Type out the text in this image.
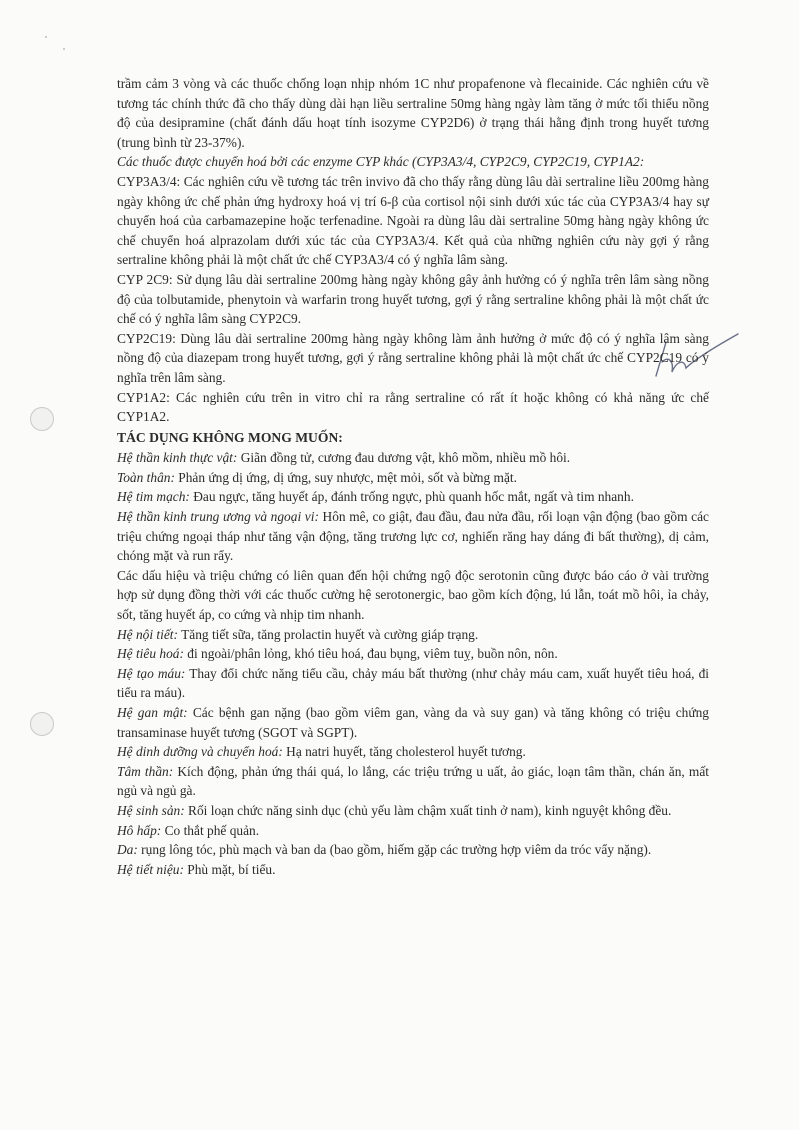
trầm cảm 3 vòng và các thuốc chống loạn nhịp nhóm 1C như propafenone và flecainide. Các nghiên cứu về tương tác chính thức đã cho thấy dùng dài hạn liều sertraline 50mg hàng ngày làm tăng ở mức tối thiểu nồng độ của desipramine (chất đánh dấu hoạt tính isozyme CYP2D6) ở trạng thái hằng định trong huyết tương (trung bình từ 23-37%).

Các thuốc được chuyển hoá bởi các enzyme CYP khác (CYP3A3/4, CYP2C9, CYP2C19, CYP1A2:

CYP3A3/4: Các nghiên cứu về tương tác trên invivo đã cho thấy rằng dùng lâu dài sertraline liều 200mg hàng ngày không ức chế phản ứng hydroxy hoá vị trí 6-β của cortisol nội sinh dưới xúc tác của CYP3A3/4 hay sự chuyển hoá của carbamazepine hoặc terfenadine. Ngoài ra dùng lâu dài sertraline 50mg hàng ngày không ức chế chuyển hoá alprazolam dưới xúc tác của CYP3A3/4. Kết quả của những nghiên cứu này gợi ý rằng sertraline không phải là một chất ức chế CYP3A3/4 có ý nghĩa lâm sàng.

CYP 2C9: Sử dụng lâu dài sertraline 200mg hàng ngày không gây ảnh hưởng có ý nghĩa trên lâm sàng nồng độ của tolbutamide, phenytoin và warfarin trong huyết tương, gợi ý rằng sertraline không phải là một chất ức chế có ý nghĩa lâm sàng CYP2C9.

CYP2C19: Dùng lâu dài sertraline 200mg hàng ngày không làm ảnh hưởng ở mức độ có ý nghĩa lâm sàng nồng độ của diazepam trong huyết tương, gợi ý rằng sertraline không phải là một chất ức chế CYP2C19 có ý nghĩa trên lâm sàng.

CYP1A2: Các nghiên cứu trên in vitro chỉ ra rằng sertraline có rất ít hoặc không có khả năng ức chế CYP1A2.

TÁC DỤNG KHÔNG MONG MUỐN:

Hệ thần kinh thực vật: Giãn đồng tử, cương đau dương vật, khô mồm, nhiều mồ hôi.

Toàn thân: Phản ứng dị ứng, dị ứng, suy nhược, mệt mỏi, sốt và bừng mặt.

Hệ tim mạch: Đau ngực, tăng huyết áp, đánh trống ngực, phù quanh hốc mắt, ngất và tim nhanh.

Hệ thần kinh trung ương và ngoại vi: Hôn mê, co giật, đau đầu, đau nửa đầu, rối loạn vận động (bao gồm các triệu chứng ngoại tháp như tăng vận động, tăng trương lực cơ, nghiến răng hay dáng đi bất thường), dị cảm, chóng mặt và run rẩy.

Các dấu hiệu và triệu chứng có liên quan đến hội chứng ngộ độc serotonin cũng được báo cáo ở vài trường hợp sử dụng đồng thời với các thuốc cường hệ serotonergic, bao gồm kích động, lú lẫn, toát mồ hôi, ỉa chảy, sốt, tăng huyết áp, co cứng và nhịp tim nhanh.

Hệ nội tiết: Tăng tiết sữa, tăng prolactin huyết và cường giáp trạng.

Hệ tiêu hoá: đi ngoài/phân lỏng, khó tiêu hoá, đau bụng, viêm tuỵ, buồn nôn, nôn.

Hệ tạo máu: Thay đổi chức năng tiểu cầu, chảy máu bất thường (như chảy máu cam, xuất huyết tiêu hoá, đi tiểu ra máu).

Hệ gan mật: Các bệnh gan nặng (bao gồm viêm gan, vàng da và suy gan) và tăng không có triệu chứng transaminase huyết tương (SGOT và SGPT).

Hệ dinh dưỡng và chuyển hoá: Hạ natri huyết, tăng cholesterol huyết tương.

Tâm thần: Kích động, phản ứng thái quá, lo lắng, các triệu trứng u uất, ảo giác, loạn tâm thần, chán ăn, mất ngủ và ngủ gà.

Hệ sinh sản: Rối loạn chức năng sinh dục (chủ yếu làm chậm xuất tinh ở nam), kinh nguyệt không đều.

Hô hấp: Co thắt phế quản.

Da: rụng lông tóc, phù mạch và ban da (bao gồm, hiếm gặp các trường hợp viêm da tróc vẩy nặng).

Hệ tiết niệu: Phù mặt, bí tiểu.
